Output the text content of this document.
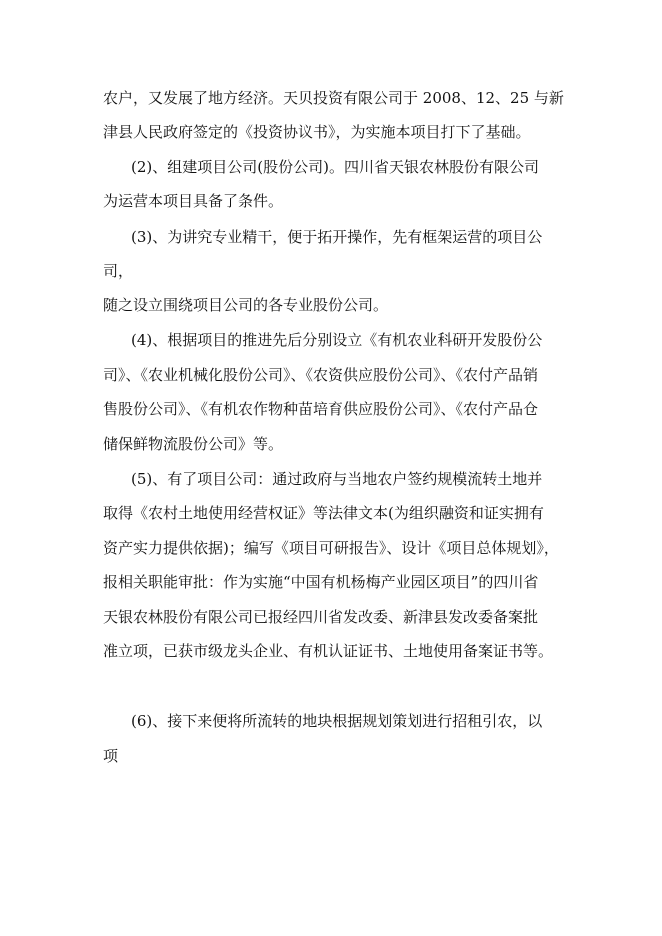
农户，又发展了地方经济。天贝投资有限公司于 2008、12、25 与新
津县人民政府签定的《投资协议书》，为实施本项目打下了基础。
(2)、组建项目公司(股份公司)。四川省天银农林股份有限公司
为运营本项目具备了条件。
(3)、为讲究专业精干，便于拓开操作，先有框架运营的项目公
司，
随之设立围绕项目公司的各专业股份公司。
(4)、根据项目的推进先后分别设立《有机农业科研开发股份公
司》、《农业机械化股份公司》、《农资供应股份公司》、《农付产品销
售股份公司》、《有机农作物种苗培育供应股份公司》、《农付产品仓
储保鲜物流股份公司》等。
(5)、有了项目公司：通过政府与当地农户签约规模流转土地并
取得《农村土地使用经营权证》等法律文本(为组织融资和证实拥有
资产实力提供依据)；编写《项目可研报告》、设计《项目总体规划》，
报相关职能审批：作为实施“中国有机杨梅产业园区项目”的四川省
天银农林股份有限公司已报经四川省发改委、新津县发改委备案批
准立项，已获市级龙头企业、有机认证证书、土地使用备案证书等。
(6)、接下来便将所流转的地块根据规划策划进行招租引农，以
项
